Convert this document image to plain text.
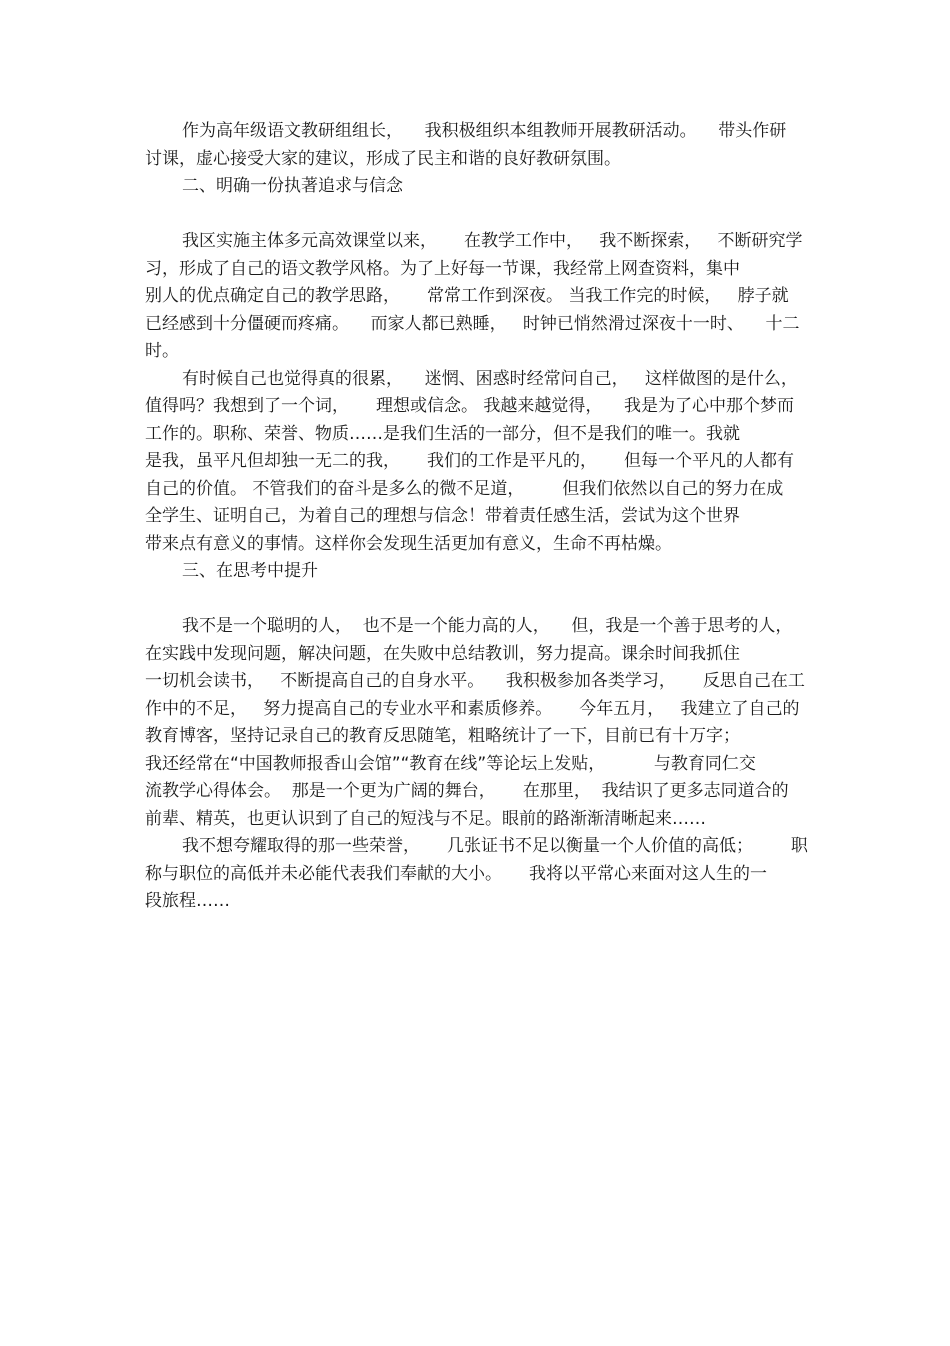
作为高年级语文教研组组长，    我积极组织本组教师开展教研活动。    带头作研
讨课，虚心接受大家的建议，形成了民主和谐的良好教研氛围。
二、明确一份执著追求与信念
我区实施主体多元高效课堂以来，     在教学工作中，   我不断探索，   不断研究学
习，形成了自己的语文教学风格。为了上好每一节课，我经常上网查资料，集中
别人的优点确定自己的教学思路，     常常工作到深夜。 当我工作完的时候，   脖子就
已经感到十分僵硬而疼痛。    而家人都已熟睡，   时钟已悄然滑过深夜十一时、    十二
时。
有时候自己也觉得真的很累，    迷惘、困惑时经常问自己，   这样做图的是什么，
值得吗？我想到了一个词，     理想或信念。 我越来越觉得，    我是为了心中那个梦而
工作的。职称、荣誉、物质……是我们生活的一部分，但不是我们的唯一。我就
是我，虽平凡但却独一无二的我，     我们的工作是平凡的，     但每一个平凡的人都有
自己的价值。 不管我们的奋斗是多么的微不足道，       但我们依然以自己的努力在成
全学生、证明自己，为着自己的理想与信念！带着责任感生活，尝试为这个世界
带来点有意义的事情。这样你会发现生活更加有意义，生命不再枯燥。
三、在思考中提升
我不是一个聪明的人，  也不是一个能力高的人，    但，我是一个善于思考的人，
在实践中发现问题，解决问题，在失败中总结教训，努力提高。课余时间我抓住
一切机会读书，   不断提高自己的自身水平。    我积极参加各类学习，     反思自己在工
作中的不足，   努力提高自己的专业水平和素质修养。     今年五月，   我建立了自己的
教育博客，坚持记录自己的教育反思随笔，粗略统计了一下，目前已有十万字；
我还经常在“中国教师报香山会馆”“教育在线”等论坛上发贴，         与教育同仁交
流教学心得体会。  那是一个更为广阔的舞台，     在那里，  我结识了更多志同道合的
前辈、精英，也更认识到了自己的短浅与不足。眼前的路渐渐清晰起来……
我不想夸耀取得的那一些荣誉，     几张证书不足以衡量一个人价值的高低；       职
称与职位的高低并未必能代表我们奉献的大小。     我将以平常心来面对这人生的一
段旅程……
